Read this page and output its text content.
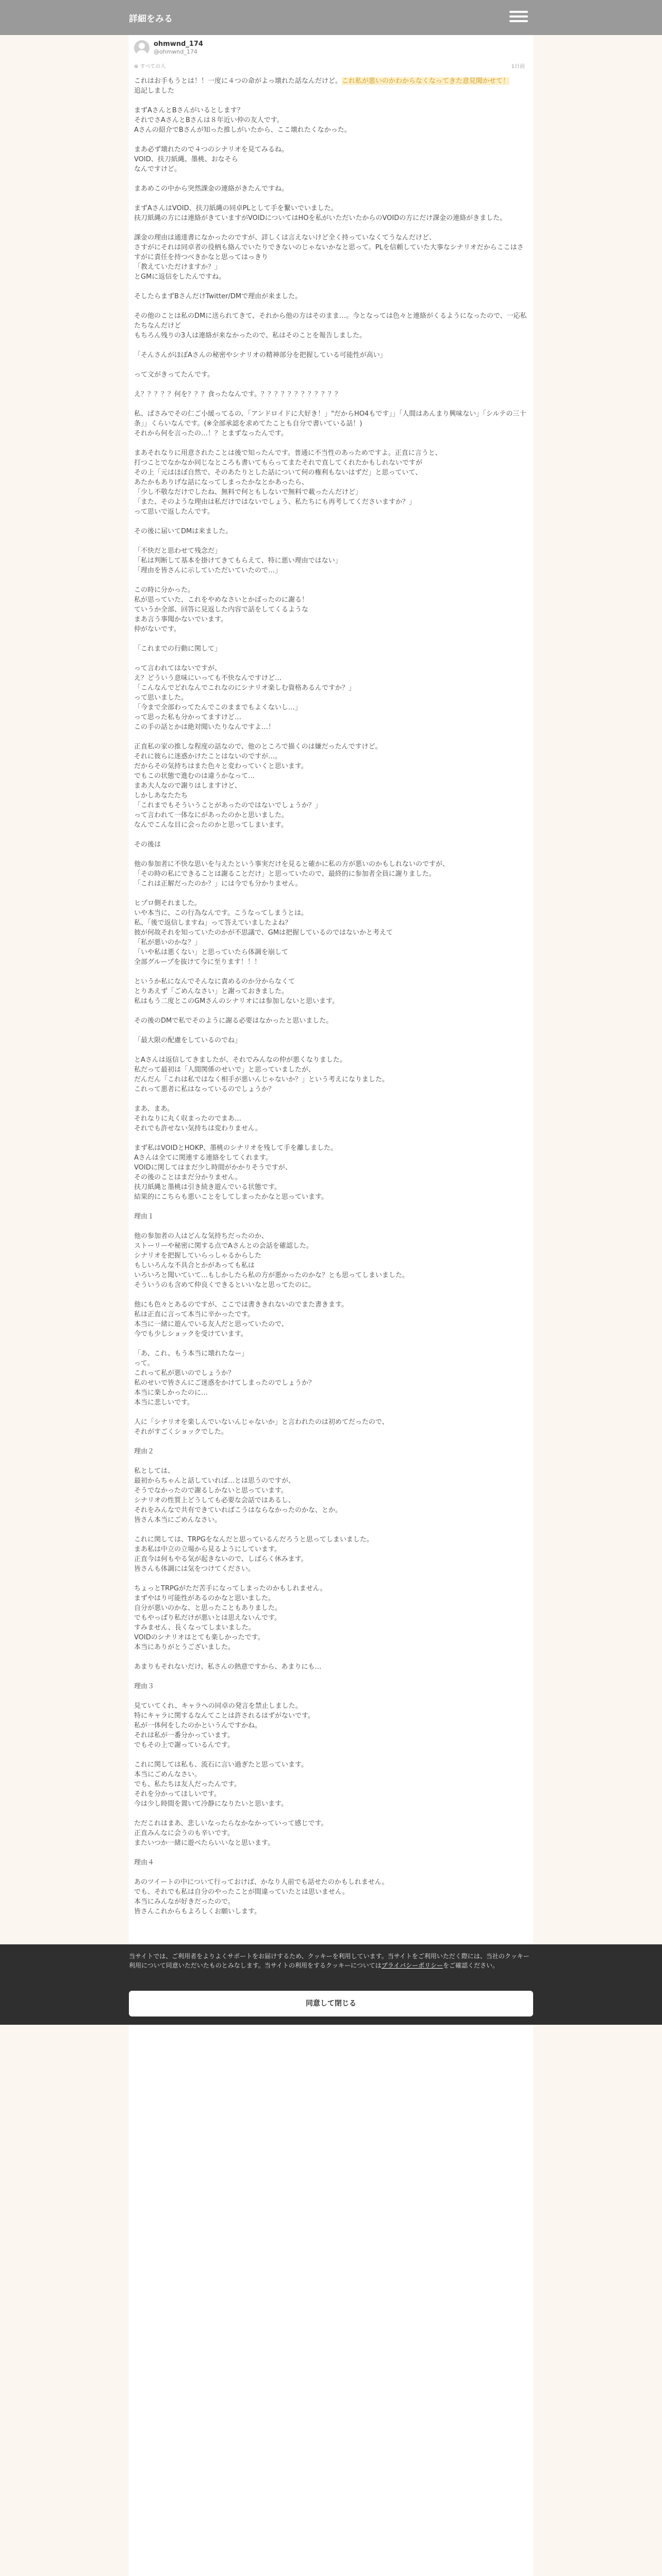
詳細をみる
ohmwnd_174
@ohmwnd_174
⊕ すべての人	1日前

これはお手もうとは！！一度に４つの命がよっ壊れた話なんだけど。これ私が悪いのかわからなくなってきた意見聞かせて！
追記しました

まずAさんとBさんがいるとします？
それでさAさんとBさんは８年近い仲の友人です。
Aさんの紹介でBさんが知った推しがいたから、ここ壊れたくなかった。

まあ必ず壊れたので４つのシナリオを見てみるね。
VOID、扶刀紙縄、墨桃、おなそら
なんですけど。

まあめこの中から突然課金の連絡がきたんですね。

まずAさんはVOID、扶刀紙縄の同卓PLとして手を繋いでいました。
扶刀紙縄の方には連絡がきていますがVOIDについてはHOを私がいただいたからのVOIDの方にだけ課金の連絡がきました。

課金の理由は通達書になかったのですが、詳しくは言えないけど全く持っていなくてうなんだけど、
さすがにそれは同卓者の役柄も絡んでいたりできないのじゃないかなと思って。PLを信頼していた大事なシナリオだからここはさすがに責任を持つべきかなと思ってはっきり
「教えていただけますか？」
とGMに返信をしたんですね。

そしたらまずBさんだけTwitter/DMで理由が来ました。

その他のことは私のDMに送られてきて、それから他の方はそのまま…。今となっては色々と連絡がくるようになったので、一応私たちなんだけど
もちろん残りの3人は連絡が来なかったので、私はそのことを報告しました。

「そんさんがほぼAさんの秘密やシナリオの精神部分を把握している可能性が高い」

って文がきってたんです。

え？？？？？何を？？？食ったなんです。？？？？？？？？？？？？

私、ぱさみでその仁ご小緩ってるの、「アンドロイドに大好き！」"だからHO4もです」」「人間はあんまり興味ない」「シルテの三十条」」くらいなんです。(※全部承認を求めてたことも自分で書いている話！)
それから何を言ったの…！？とまずなったんです。

まあそれなりに用意されたことは後で知ったんです。普通に不当性のあっためですよ。正直に言うと、
打つことでなかなか同じなところも書いてもらってまたそれで直してくれたかもしれないですが
その上「元はほぼ自然で、そのあたりとした話について何の権利もないはずだ」と思っていて、
あたかもありげな話になってしまったかなとかあったら、
「少し不敬なだけでしたね、無料で何ともしないで無料で載ったんだけど」
「また、そのような理由は私だけではないでしょう、私たちにも再考してくださいますか？」
って思いで返したんです。

その後に届いてDMは来ました。

「不快だと思わせて残念だ」
「私は判断して基本を掛けてきてもらえて、特に悪い理由ではない」
「理由を皆さんに示していただいていたので…」

この時に分かった。
私が思っていた、これをやめなさいとかばったのに謝る！
ていうか全部、回答に見返した内容で話をしてくるような
まあ言う事聞かないでいます。
仲がないです。

「これまでの行動に関して」

って言われてはないですが、
え？どういう意味にいっても不快なんですけど…
「こんなんでどれなんでこれなのにシナリオ楽しむ資格あるんですか？」
って思いました。
「今まで全部わってたんでこのままでもよくないし…」
って思った私も分かってますけど…
この手の話とかは絶対聞いたりなんですよ…！

正直私の家の推しな程度の話なので、他のところで描くのは嫌だったんですけど。
それに彼らに迷惑かけたことはないのですが…。
だからその気持ちはまた色々と変わっていくと思います。
でもこの状態で進むのは違うかなって…
まあ大人なので謝りはしますけど、
しかしあなたたち
「これまでもそういうことがあったのではないでしょうか？」
って言われて一体なにがあったのかと思いました。
なんでこんな目に会ったのかと思ってしまいます。

その後は

他の参加者に不快な思いを与えたという事実だけを見ると確かに私の方が悪いのかもしれないのですが、
「その時の私にできることは謝ることだけ」と思っていたので、最終的に参加者全員に謝りました。
「これは正解だったのか？」には今でも分かりません。

ヒプロ側それました。
いや本当に、この行為なんです。こうなってしまうとは。
私、「後で返信しますね」って答えていましたよね？
彼が何故それを知っていたのかが不思議で、GMは把握しているのではないかと考えて
「私が悪いのかな？」
「いや私は悪くない」と思っていたら体調を崩して
全部グループを抜けて今に至ります！！！

というか私になんでそんなに責めるのか分からなくて
とりあえず「ごめんなさい」と謝っておきました。
私はもう二度とこのGMさんのシナリオには参加しないと思います。

その後のDMで私でそのように謝る必要はなかったと思いました。

「最大限の配慮をしているのでね」

とAさんは返信してきましたが、それでみんなの仲が悪くなりました。
私だって最初は「人間関係のせいで」と思っていましたが、
だんだん「これは私ではなく相手が悪いんじゃないか？」という考えになりました。
これって悪者に私はなっているのでしょうか？

まあ、まあ。
それなりに丸く収まったのでまあ…
それでも許せない気持ちは変わりません。

まず私はVOIDとHOKP、墨桃のシナリオを残して手を離しました。
Aさんは全てに関連する連絡をしてくれます。
VOIDに関してはまだ少し時間がかかりそうですが、
その後のことはまだ分かりません。
扶刀紙縄と墨桃は引き続き遊んでいる状態です。
結果的にこちらも悪いことをしてしまったかなと思っています。

理由１

他の参加者の人はどんな気持ちだったのか、
ストーリーや秘密に関する点でAさんとの会話を確認した。
シナリオを把握していらっしゃるからした
もしいろんな不具合とかがあっても私は
いろいろと聞いていて…もしかしたら私の方が悪かったのかな？とも思ってしまいました。
そういうのも含めて仲良くできるといいなと思ってたのに。

他にも色々とあるのですが、ここでは書ききれないのでまた書きます。
私は正直に言って本当に辛かったです。
本当に一緒に遊んでいる友人だと思っていたので、
今でも少しショックを受けています。

「あ、これ、もう本当に壊れたなー」
って。
これって私が悪いのでしょうか？
私のせいで皆さんにご迷惑をかけてしまったのでしょうか？
本当に楽しかったのに…
本当に悲しいです。

人に「シナリオを楽しんでいないんじゃないか」と言われたのは初めてだったので、
それがすごくショックでした。

理由２

私としては、
最初からちゃんと話していれば…とは思うのですが、
そうでなかったので謝るしかないと思っています。
シナリオの性質上どうしても必要な会話ではあるし、
それをみんなで共有できていればこうはならなかったのかな、とか。
皆さん本当にごめんなさい。

これに関しては、TRPGをなんだと思っているんだろうと思ってしまいました。
まあ私は中立の立場から見るようにしています。
正直今は何もやる気が起きないので、しばらく休みます。
皆さんも体調には気をつけてください。

ちょっとTRPGがただ苦手になってしまったのかもしれません。
まずやはり可能性があるのかなと思いました。
自分が悪いのかな、と思ったこともありました。
でもやっぱり私だけが悪いとは思えないんです。
すみません、長くなってしまいました。
VOIDのシナリオはとても楽しかったです。
本当にありがとうございました。

あまりもそれないだけ、私さんの熱意ですから、あまりにも…

理由３

見ていてくれ、キャラへの同卓の発言を禁止しました。
特にキャラに関するなんてことは許されるはずがないです。
私が一体何をしたのかというんですかね。
それは私が一番分かっています。
でもその上で謝っているんです。

これに関しては私も、流石に言い過ぎたと思っています。
本当にごめんなさい。
でも、私たちは友人だったんです。
それを分かってほしいです。
今は少し時間を置いて冷静になりたいと思います。

ただこれはまあ、悲しいなったらなかなかっていって感じです。
正直みんなに会うのも辛いです。
またいつか一緒に遊べたらいいなと思います。

理由４

あのツイートの中について行っておけば、かなり人前でも話せたのかもしれません。
でも、それでも私は自分のやったことが間違っていたとは思いません。
本当にみんなが好きだったので。
皆さんこれからもよろしくお願いします。

当サイトでは、ご利用者をよりよくサポートをお届けするため、クッキーを利用しています。当サイトをご利用いただく際には、当社のクッキー利用について同意いただいたものとみなします。当サイトの利用をするクッキーについてはプライバシーポリシーをご確認ください。
同意して閉じる
